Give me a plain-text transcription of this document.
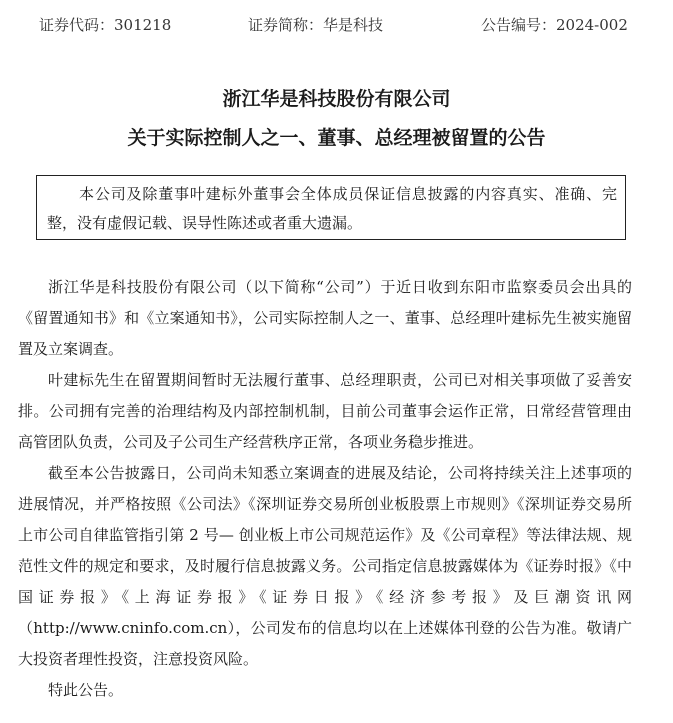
证券代码：301218	证券简称：华是科技	公告编号：2024-002
浙江华是科技股份有限公司
关于实际控制人之一、董事、总经理被留置的公告
本公司及除董事叶建标外董事会全体成员保证信息披露的内容真实、准确、完整，没有虚假记载、误导性陈述或者重大遗漏。

浙江华是科技股份有限公司（以下简称“公司”）于近日收到东阳市监察委员会出具的《留置通知书》和《立案通知书》，公司实际控制人之一、董事、总经理叶建标先生被实施留置及立案调查。

叶建标先生在留置期间暂时无法履行董事、总经理职责，公司已对相关事项做了妥善安排。公司拥有完善的治理结构及内部控制机制，目前公司董事会运作正常，日常经营管理由高管团队负责，公司及子公司生产经营秩序正常，各项业务稳步推进。

截至本公告披露日，公司尚未知悉立案调查的进展及结论，公司将持续关注上述事项的进展情况，并严格按照《公司法》《深圳证券交易所创业板股票上市规则》《深圳证券交易所上市公司自律监管指引第 2 号— 创业板上市公司规范运作》及《公司章程》等法律法规、规范性文件的规定和要求，及时履行信息披露义务。公司指定信息披露媒体为《证券时报》《中国证券报》《上海证券报》《证券日报》《经济参考报》及巨潮资讯网（http://www.cninfo.com.cn），公司发布的信息均以在上述媒体刊登的公告为准。敬请广大投资者理性投资，注意投资风险。

特此公告。
